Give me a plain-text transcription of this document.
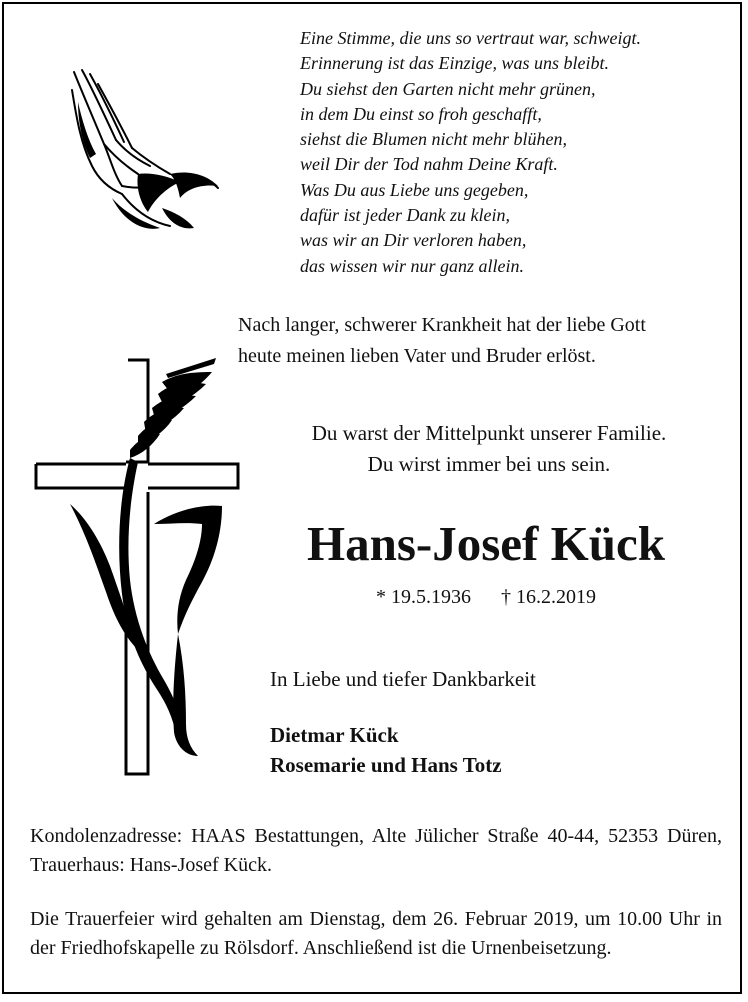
Eine Stimme, die uns so vertraut war, schweigt.
Erinnerung ist das Einzige, was uns bleibt.
Du siehst den Garten nicht mehr grünen,
in dem Du einst so froh geschafft,
siehst die Blumen nicht mehr blühen,
weil Dir der Tod nahm Deine Kraft.
Was Du aus Liebe uns gegeben,
dafür ist jeder Dank zu klein,
was wir an Dir verloren haben,
das wissen wir nur ganz allein.
Nach langer, schwerer Krankheit hat der liebe Gott
heute meinen lieben Vater und Bruder erlöst.
Du warst der Mittelpunkt unserer Familie.
Du wirst immer bei uns sein.
Hans-Josef Kück
* 19.5.1936 † 16.2.2019
In Liebe und tiefer Dankbarkeit
Dietmar Kück
Rosemarie und Hans Totz
Kondolenzadresse: HAAS Bestattungen, Alte Jülicher Straße 40-44, 52353 Düren, Trauerhaus: Hans-Josef Kück.
Die Trauerfeier wird gehalten am Dienstag, dem 26. Februar 2019, um 10.00 Uhr in der Friedhofskapelle zu Rölsdorf. Anschließend ist die Urnenbeisetzung.
